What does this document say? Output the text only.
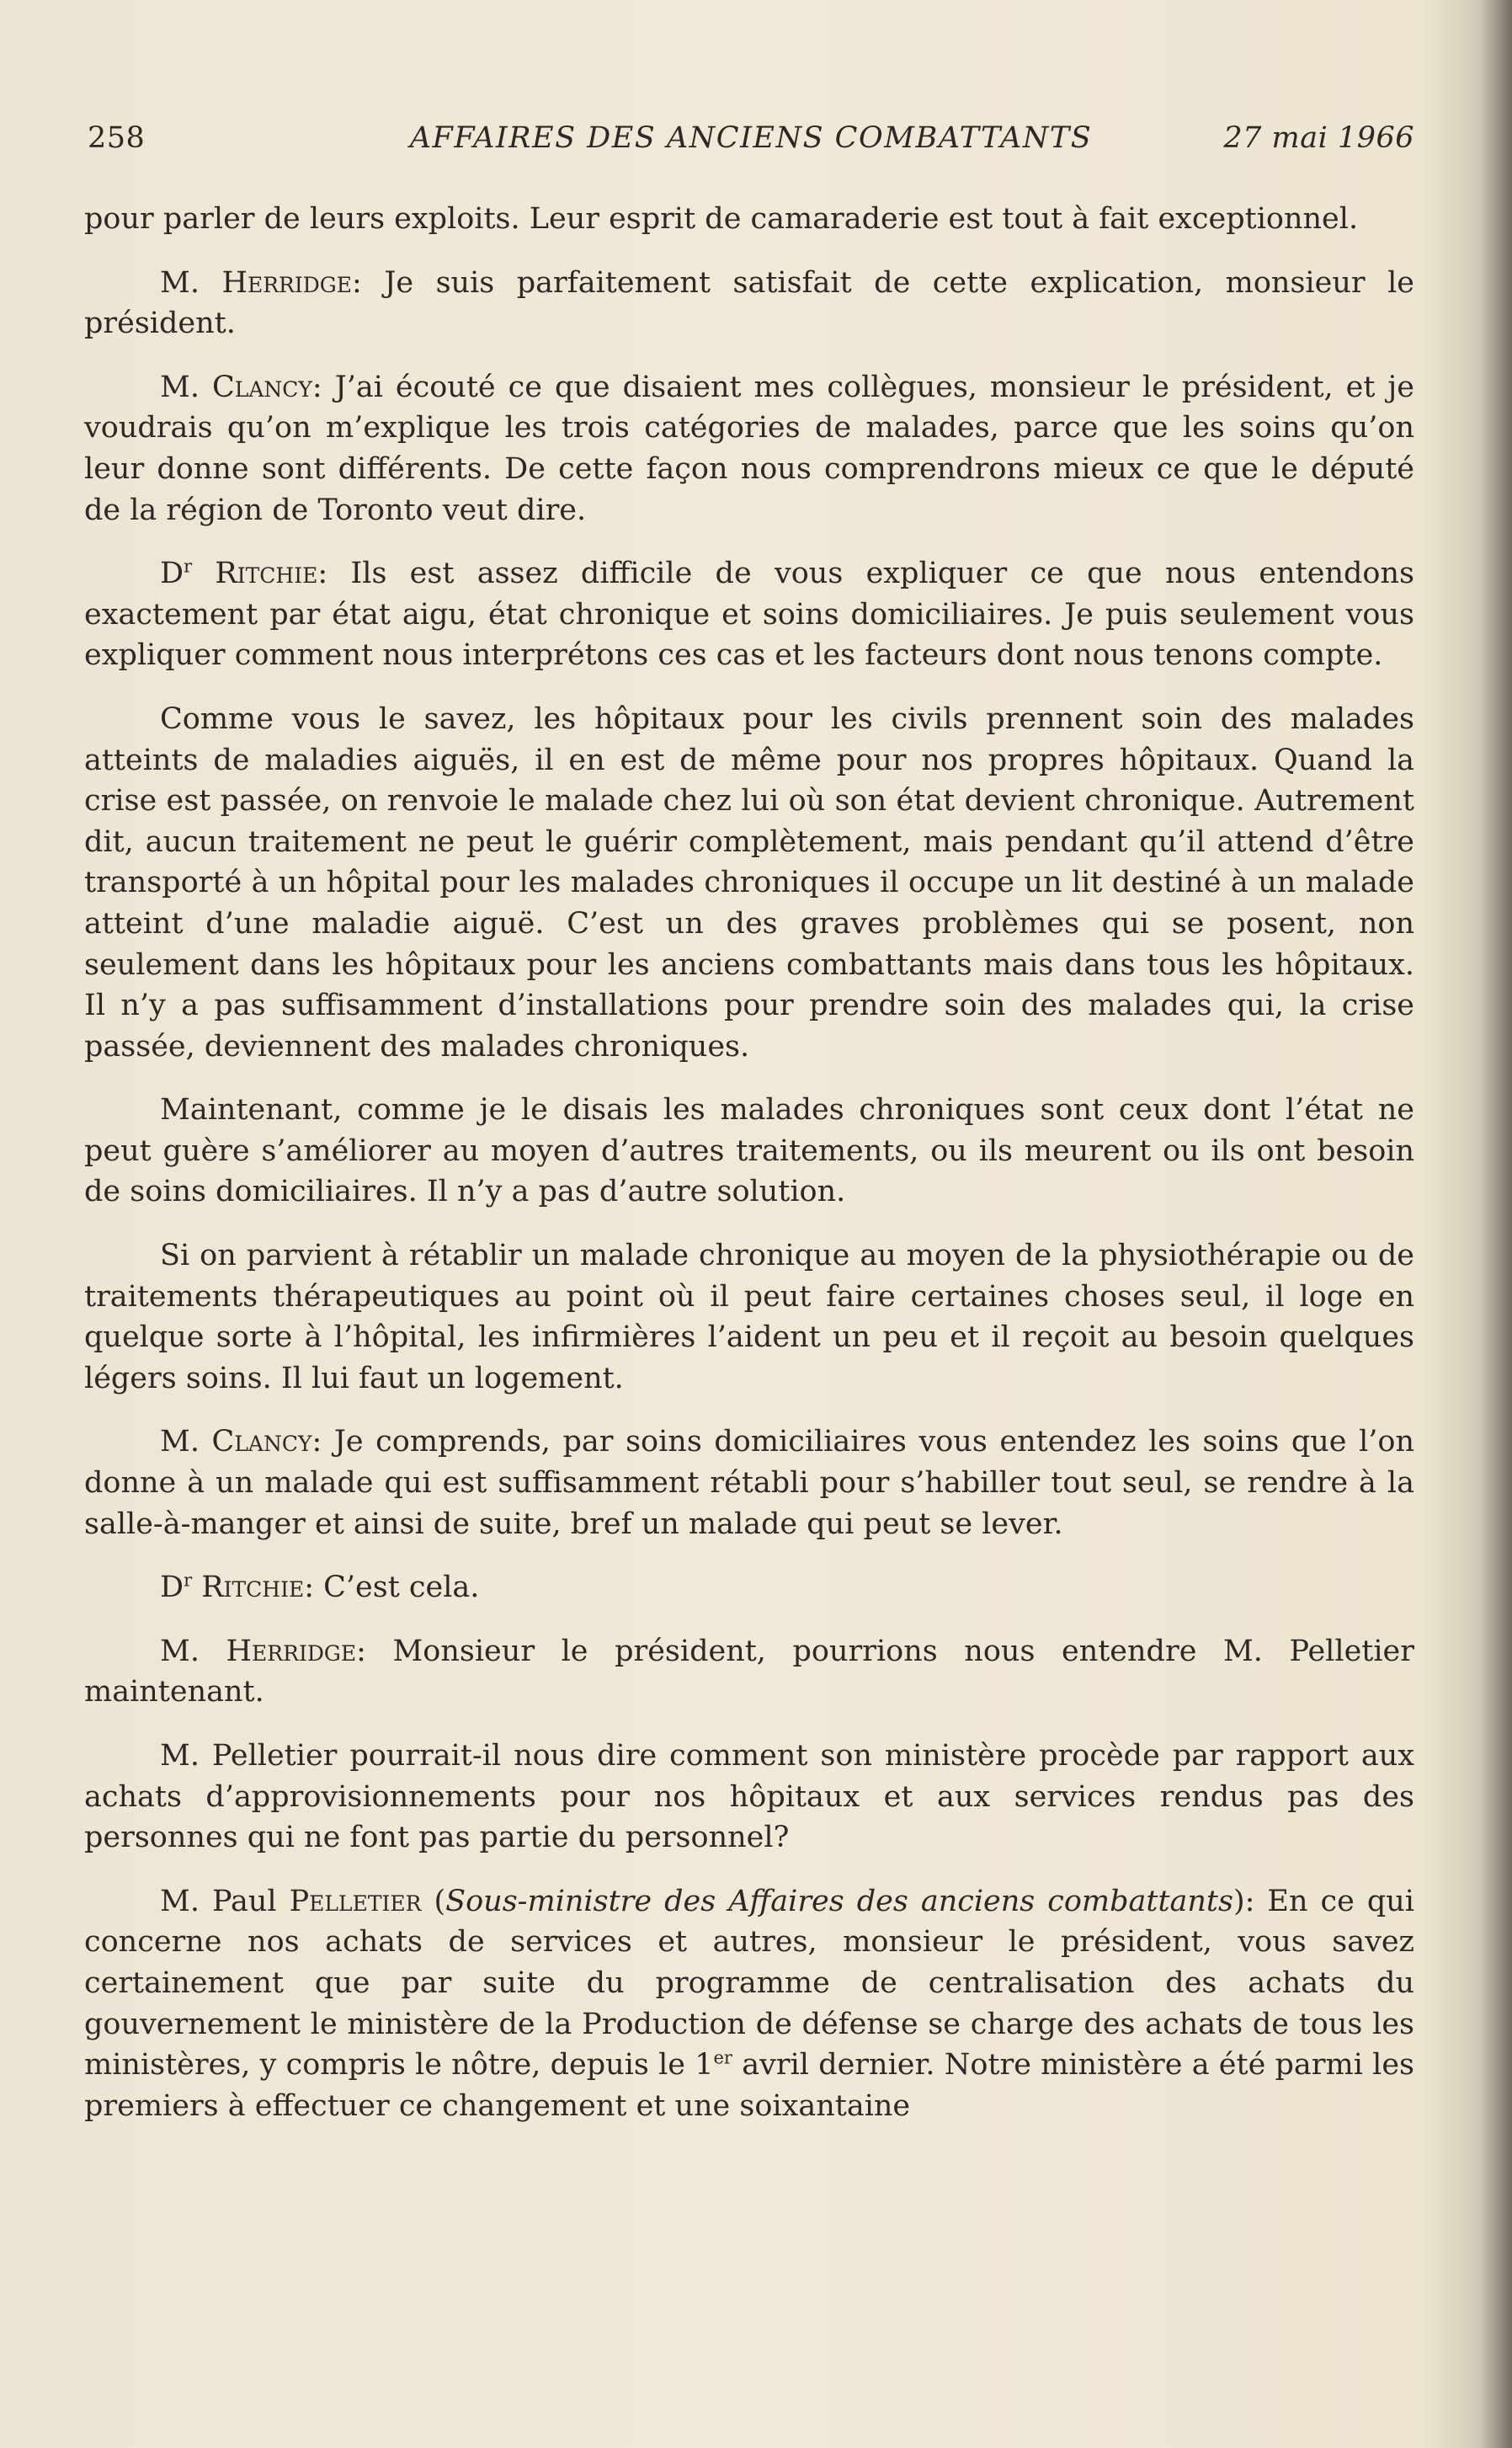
258	AFFAIRES DES ANCIENS COMBATTANTS	27 mai 1966

pour parler de leurs exploits. Leur esprit de camaraderie est tout à fait exceptionnel.

M. Herridge: Je suis parfaitement satisfait de cette explication, monsieur le président.

M. Clancy: J’ai écouté ce que disaient mes collègues, monsieur le président, et je voudrais qu’on m’explique les trois catégories de malades, parce que les soins qu’on leur donne sont différents. De cette façon nous comprendrons mieux ce que le député de la région de Toronto veut dire.

$D^r$ Ritchie: Ils est assez difficile de vous expliquer ce que nous entendons exactement par état aigu, état chronique et soins domiciliaires. Je puis seulement vous expliquer comment nous interprétons ces cas et les facteurs dont nous tenons compte.

Comme vous le savez, les hôpitaux pour les civils prennent soin des malades atteints de maladies aiguës, il en est de même pour nos propres hôpitaux. Quand la crise est passée, on renvoie le malade chez lui où son état devient chronique. Autrement dit, aucun traitement ne peut le guérir complètement, mais pendant qu’il attend d’être transporté à un hôpital pour les malades chroniques il occupe un lit destiné à un malade atteint d’une maladie aiguë. C’est un des graves problèmes qui se posent, non seulement dans les hôpitaux pour les anciens combattants mais dans tous les hôpitaux. Il n’y a pas suffisamment d’installations pour prendre soin des malades qui, la crise passée, deviennent des malades chroniques.

Maintenant, comme je le disais les malades chroniques sont ceux dont l’état ne peut guère s’améliorer au moyen d’autres traitements, ou ils meurent ou ils ont besoin de soins domiciliaires. Il n’y a pas d’autre solution.

Si on parvient à rétablir un malade chronique au moyen de la physiothérapie ou de traitements thérapeutiques au point où il peut faire certaines choses seul, il loge en quelque sorte à l’hôpital, les infirmières l’aident un peu et il reçoit au besoin quelques légers soins. Il lui faut un logement.

M. Clancy: Je comprends, par soins domiciliaires vous entendez les soins que l’on donne à un malade qui est suffisamment rétabli pour s’habiller tout seul, se rendre à la salle-à-manger et ainsi de suite, bref un malade qui peut se lever.

$D^r$ Ritchie: C’est cela.

M. Herridge: Monsieur le président, pourrions nous entendre M. Pelletier maintenant.

M. Pelletier pourrait-il nous dire comment son ministère procède par rapport aux achats d’approvisionnements pour nos hôpitaux et aux services rendus pas des personnes qui ne font pas partie du personnel?

M. Paul Pelletier (Sous-ministre des Affaires des anciens combattants): En ce qui concerne nos achats de services et autres, monsieur le président, vous savez certainement que par suite du programme de centralisation des achats du gouvernement le ministère de la Production de défense se charge des achats de tous les ministères, y compris le nôtre, depuis le 1er avril dernier. Notre ministère a été parmi les premiers à effectuer ce changement et une soixantaine
